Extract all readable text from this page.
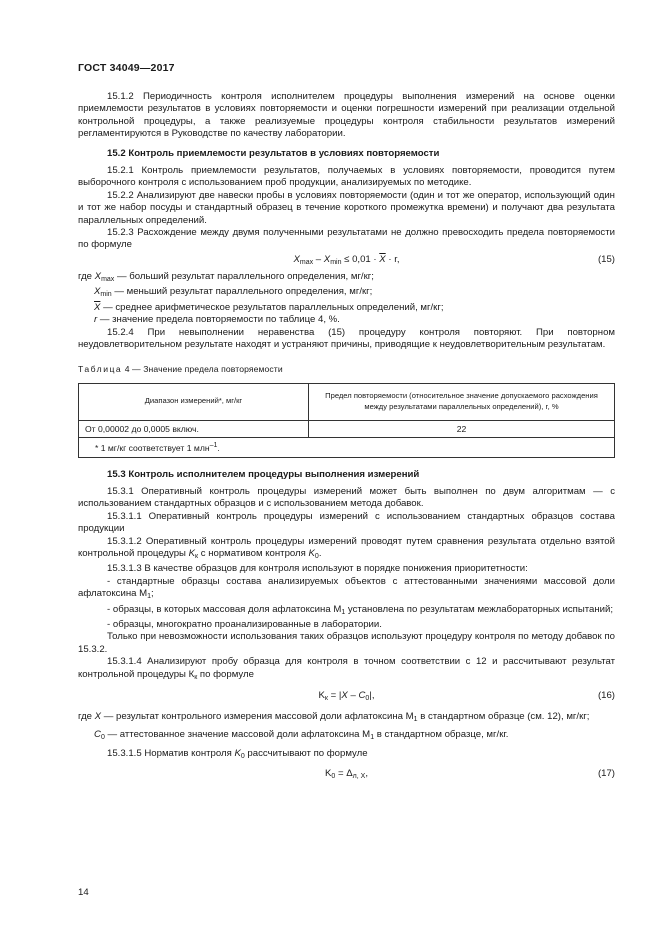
ГОСТ 34049—2017

15.1.2 Периодичность контроля исполнителем процедуры выполнения измерений на основе оценки приемлемости результатов в условиях повторяемости и оценки погрешности измерений при реализации отдельной контрольной процедуры, а также реализуемые процедуры контроля стабильности результатов измерений регламентируются в Руководстве по качеству лаборатории.

15.2 Контроль приемлемости результатов в условиях повторяемости

15.2.1 Контроль приемлемости результатов, получаемых в условиях повторяемости, проводится путем выборочного контроля с использованием проб продукции, анализируемых по методике.

15.2.2 Анализируют две навески пробы в условиях повторяемости (один и тот же оператор, использующий один и тот же набор посуды и стандартный образец в течение короткого промежутка времени) и получают два результата параллельных определений.

15.2.3 Расхождение между двумя полученными результатами не должно превосходить предела повторяемости по формуле

$X_{max} - X_{min} \le 0,01 \cdot \overline{X} \cdot r$,	(15)

где $X_{max}$ — больший результат параллельного определения, мг/кг;

$X_{min}$ — меньший результат параллельного определения, мг/кг;

$\overline{X}$ — среднее арифметическое результатов параллельных определений, мг/кг;

r — значение предела повторяемости по таблице 4, %.

15.2.4 При невыполнении неравенства (15) процедуру контроля повторяют. При повторном неудовлетворительном результате находят и устраняют причины, приводящие к неудовлетворительным результатам.

Таблица 4 — Значение предела повторяемости
Диапазон измерений*, мг/кг	Предел повторяемости (относительное значение допускаемого расхождения между результатами параллельных определений), r, %
От 0,00002 до 0,0005 включ.	22
* 1 мг/кг соответствует 1 млн$^{-1}$.	

15.3 Контроль исполнителем процедуры выполнения измерений

15.3.1 Оперативный контроль процедуры измерений может быть выполнен по двум алгоритмам — с использованием стандартных образцов и с использованием метода добавок.

15.3.1.1 Оперативный контроль процедуры измерений с использованием стандартных образцов состава продукции

15.3.1.2 Оперативный контроль процедуры измерений проводят путем сравнения результата отдельно взятой контрольной процедуры $K_к$ с нормативом контроля $K_0$.

15.3.1.3 В качестве образцов для контроля используют в порядке понижения приоритетности:

- стандартные образцы состава анализируемых объектов с аттестованными значениями массовой доли афлатоксина $М_1$;

- образцы, в которых массовая доля афлатоксина $М_1$ установлена по результатам межлабораторных испытаний;

- образцы, многократно проанализированные в лаборатории.

Только при невозможности использования таких образцов используют процедуру контроля по методу добавок по 15.3.2.

15.3.1.4 Анализируют пробу образца для контроля в точном соответствии с 12 и рассчитывают результат контрольной процедуры $К_к$ по формуле

$K_к = |X - C_0|$,	(16)

где X — результат контрольного измерения массовой доли афлатоксина $М_1$ в стандартном образце (см. 12), мг/кг;

$C_0$ — аттестованное значение массовой доли афлатоксина $М_1$ в стандартном образце, мг/кг.

15.3.1.5 Норматив контроля $K_0$ рассчитывают по формуле

$K_0 = \Delta_{л, Х}$,	(17)
14
